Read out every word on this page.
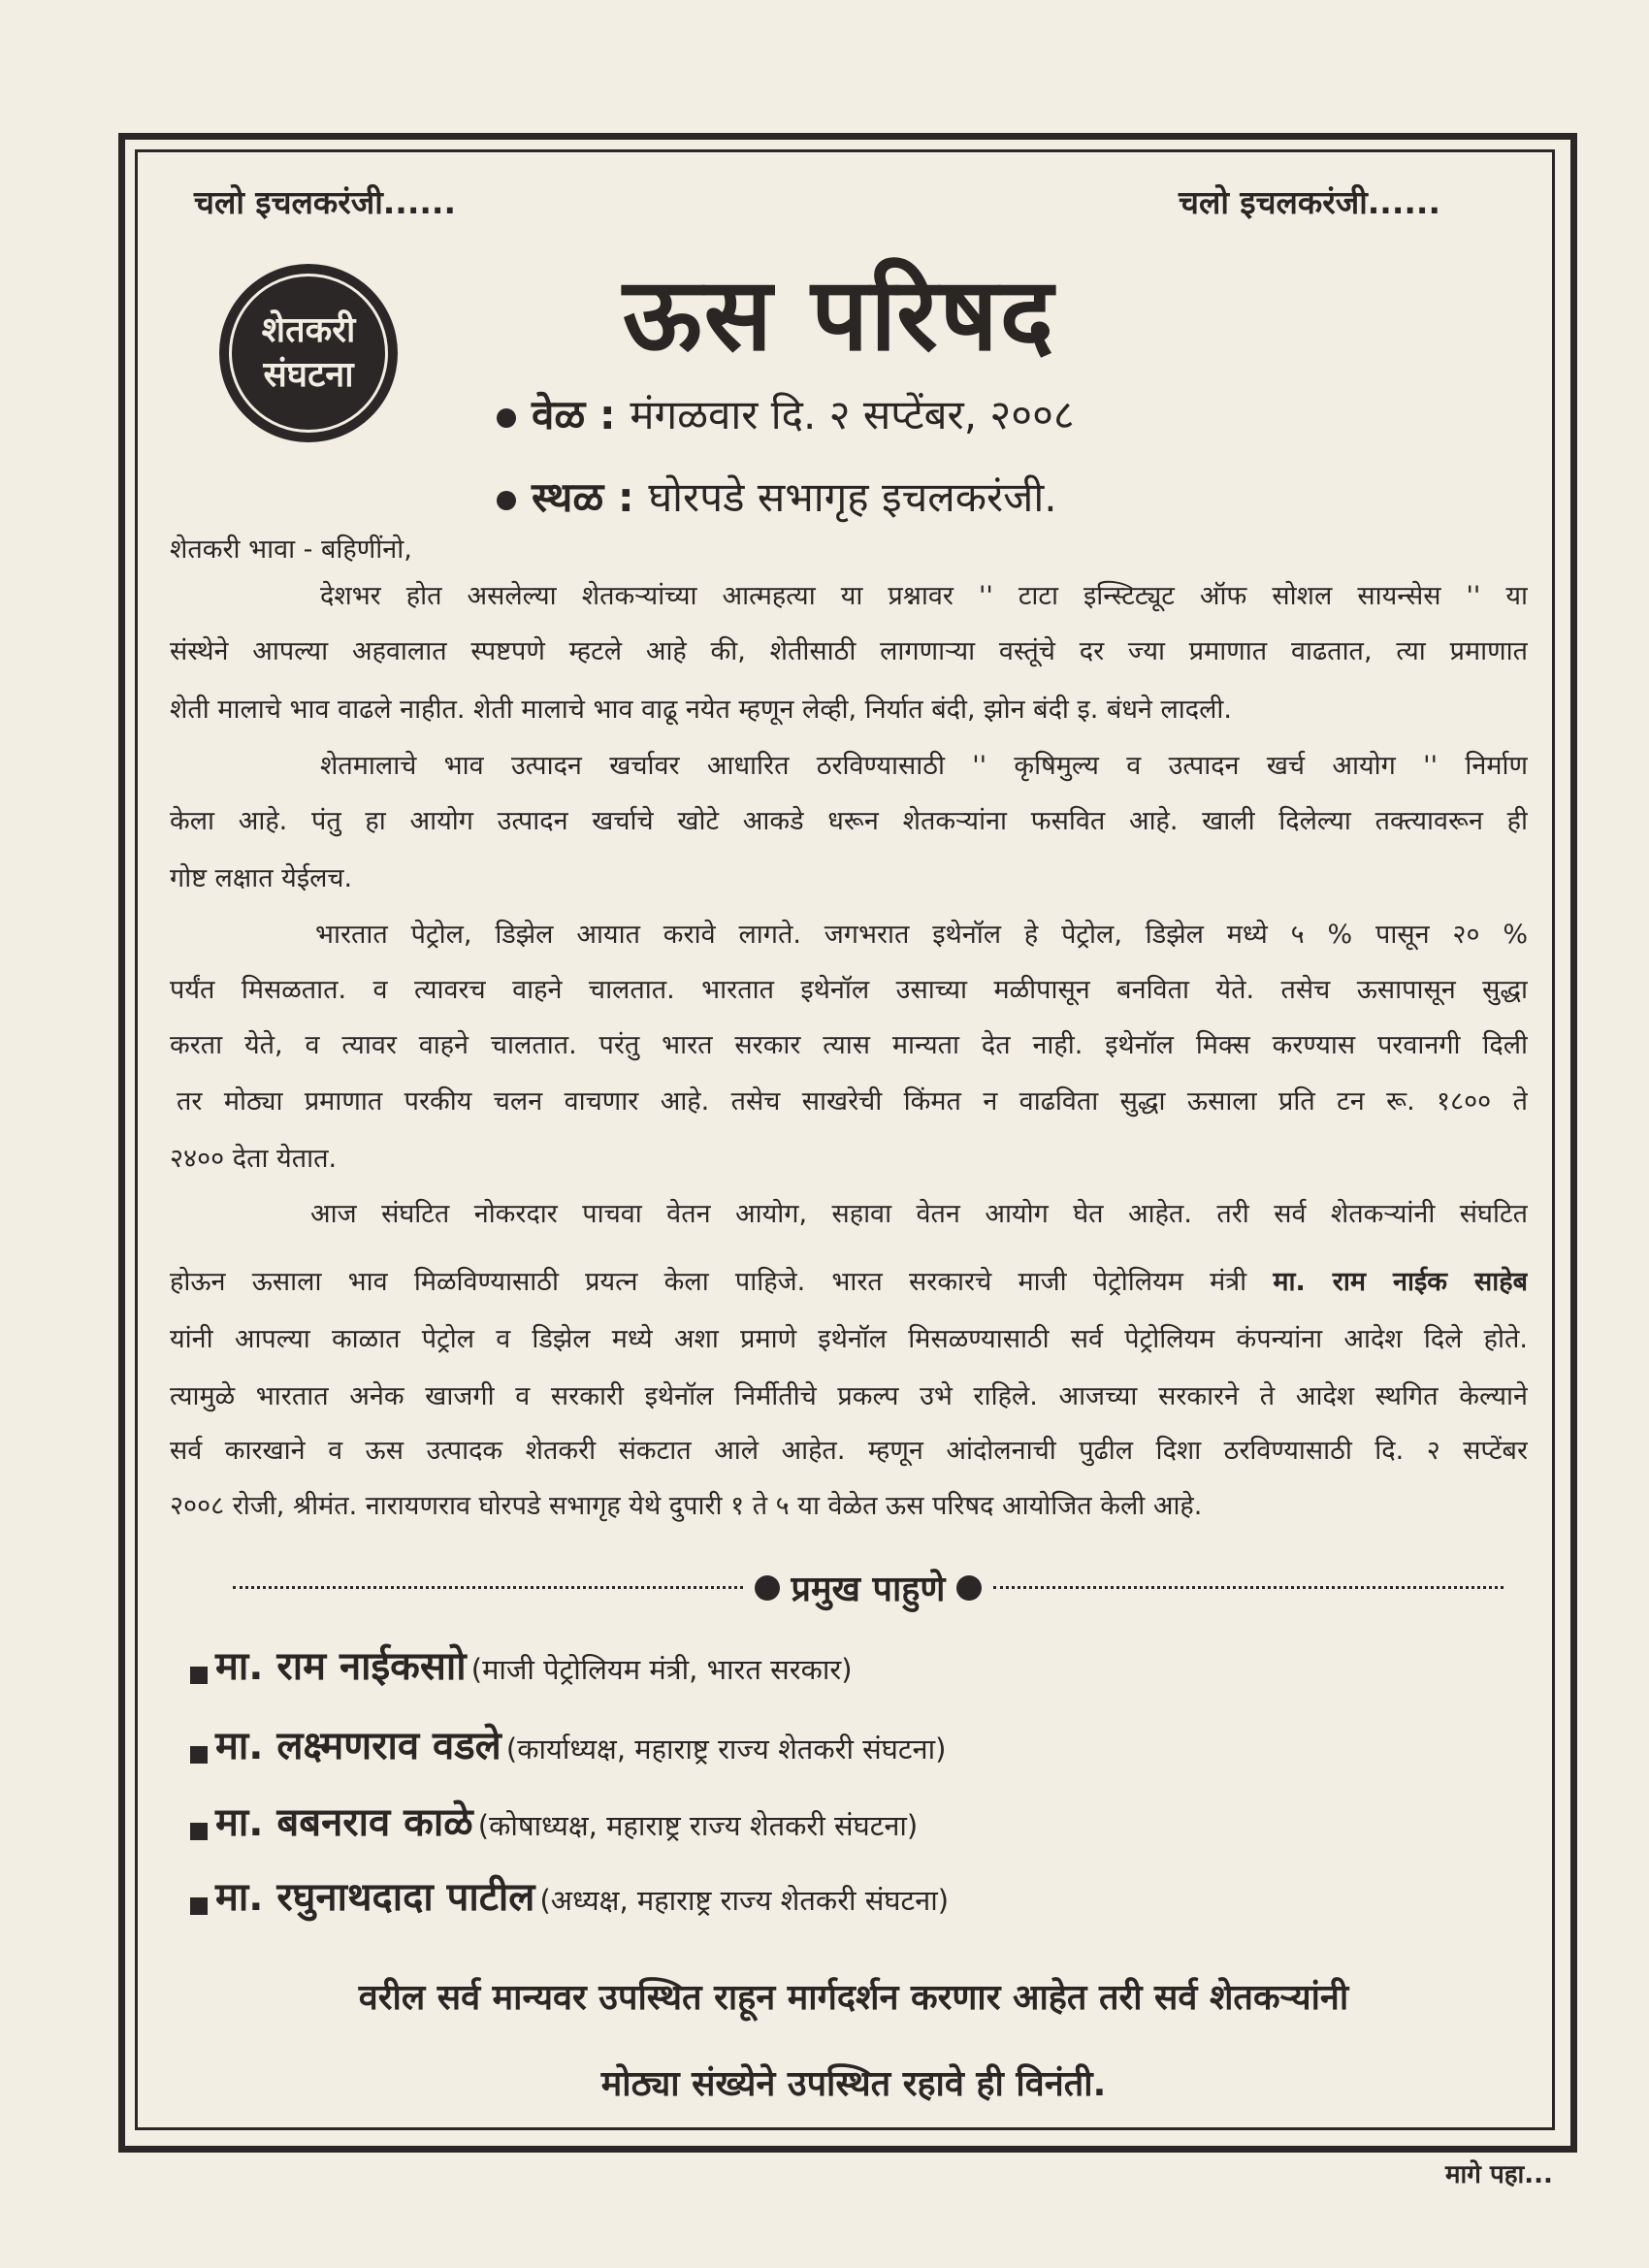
चलो इचलकरंजी......	चलो इचलकरंजी......
शेतकरी
संघटना
ऊस परिषद
वेळ : मंगळवार दि. २ सप्टेंबर, २००८
स्थळ : घोरपडे सभागृह इचलकरंजी.
शेतकरी भावा - बहिणींनो,
देशभर होत असलेल्या शेतकऱ्यांच्या आत्महत्या या प्रश्नावर '' टाटा इन्स्टिट्यूट ऑफ सोशल सायन्सेस '' या
संस्थेने आपल्या अहवालात स्पष्टपणे म्हटले आहे की, शेतीसाठी लागणाऱ्या वस्तूंचे दर ज्या प्रमाणात वाढतात, त्या प्रमाणात
शेती मालाचे भाव वाढले नाहीत. शेती मालाचे भाव वाढू नयेत म्हणून लेव्ही, निर्यात बंदी, झोन बंदी इ. बंधने लादली.
शेतमालाचे भाव उत्पादन खर्चावर आधारित ठरविण्यासाठी '' कृषिमुल्य व उत्पादन खर्च आयोग '' निर्माण
केला आहे. पंतु हा आयोग उत्पादन खर्चाचे खोटे आकडे धरून शेतकऱ्यांना फसवित आहे. खाली दिलेल्या तक्त्यावरून ही
गोष्ट लक्षात येईलच.
भारतात पेट्रोल, डिझेल आयात करावे लागते. जगभरात इथेनॉल हे पेट्रोल, डिझेल मध्ये ५ % पासून २० %
पर्यंत मिसळतात. व त्यावरच वाहने चालतात. भारतात इथेनॉल उसाच्या मळीपासून बनविता येते. तसेच ऊसापासून सुद्धा
करता येते, व त्यावर वाहने चालतात. परंतु भारत सरकार त्यास मान्यता देत नाही. इथेनॉल मिक्स करण्यास परवानगी दिली
तर मोठ्या प्रमाणात परकीय चलन वाचणार आहे. तसेच साखरेची किंमत न वाढविता सुद्धा ऊसाला प्रति टन रू. १८०० ते
२४०० देता येतात.
आज संघटित नोकरदार पाचवा वेतन आयोग, सहावा वेतन आयोग घेत आहेत. तरी सर्व शेतकऱ्यांनी संघटित
होऊन ऊसाला भाव मिळविण्यासाठी प्रयत्न केला पाहिजे. भारत सरकारचे माजी पेट्रोलियम मंत्री मा. राम नाईक साहेब
यांनी आपल्या काळात पेट्रोल व डिझेल मध्ये अशा प्रमाणे इथेनॉल मिसळण्यासाठी सर्व पेट्रोलियम कंपन्यांना आदेश दिले होते.
त्यामुळे भारतात अनेक खाजगी व सरकारी इथेनॉल निर्मीतीचे प्रकल्प उभे राहिले. आजच्या सरकारने ते आदेश स्थगित केल्याने
सर्व कारखाने व ऊस उत्पादक शेतकरी संकटात आले आहेत. म्हणून आंदोलनाची पुढील दिशा ठरविण्यासाठी दि. २ सप्टेंबर
२००८ रोजी, श्रीमंत. नारायणराव घोरपडे सभागृह येथे दुपारी १ ते ५ या वेळेत ऊस परिषद आयोजित केली आहे.
प्रमुख पाहुणे
मा. राम नाईकसाो (माजी पेट्रोलियम मंत्री, भारत सरकार)
मा. लक्ष्मणराव वडले (कार्याध्यक्ष, महाराष्ट्र राज्य शेतकरी संघटना)
मा. बबनराव काळे (कोषाध्यक्ष, महाराष्ट्र राज्य शेतकरी संघटना)
मा. रघुनाथदादा पाटील (अध्यक्ष, महाराष्ट्र राज्य शेतकरी संघटना)
वरील सर्व मान्यवर उपस्थित राहून मार्गदर्शन करणार आहेत तरी सर्व शेतकऱ्यांनी
मोठ्या संख्येने उपस्थित रहावे ही विनंती.
मागे पहा...
